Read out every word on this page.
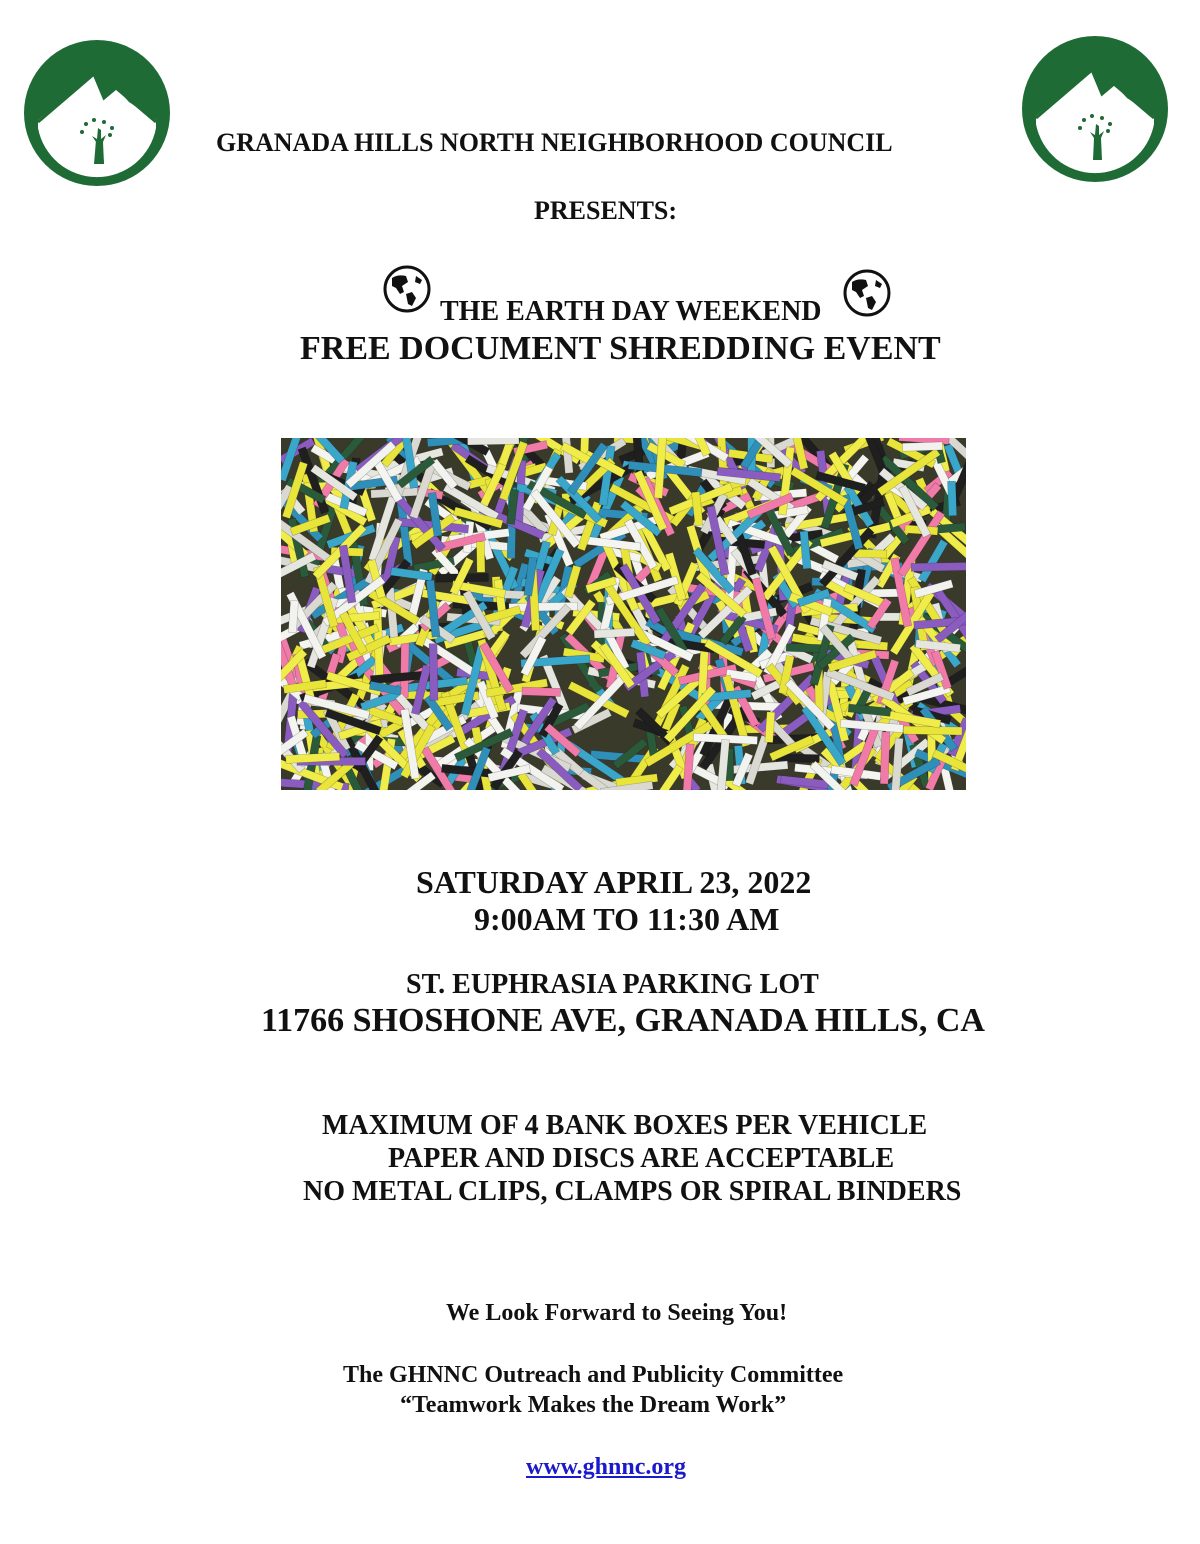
GRANADA HILLS NORTH NEIGHBORHOOD COUNCIL

PRESENTS:

THE EARTH DAY WEEKEND

FREE DOCUMENT SHREDDING EVENT

SATURDAY APRIL 23, 2022

9:00AM TO 11:30 AM

ST. EUPHRASIA PARKING LOT

11766 SHOSHONE AVE, GRANADA HILLS, CA

MAXIMUM OF 4 BANK BOXES PER VEHICLE

PAPER AND DISCS ARE ACCEPTABLE

NO METAL CLIPS, CLAMPS OR SPIRAL BINDERS

We Look Forward to Seeing You!

The GHNNC Outreach and Publicity Committee

“Teamwork Makes the Dream Work”

www.ghnnc.org
